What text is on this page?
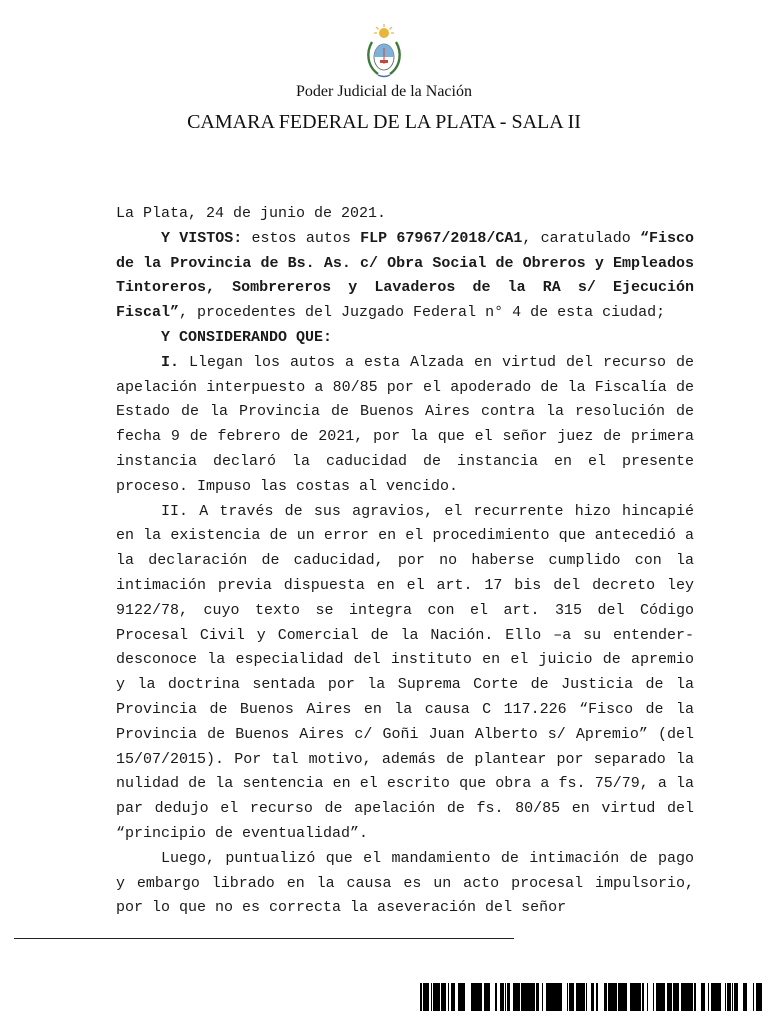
Poder Judicial de la Nación
CAMARA FEDERAL DE LA PLATA - SALA II

La Plata, 24 de junio de 2021.

Y VISTOS: estos autos FLP 67967/2018/CA1, caratulado “Fisco de la Provincia de Bs. As. c/ Obra Social de Obreros y Empleados Tintoreros, Sombrereros y Lavaderos de la RA s/ Ejecución Fiscal”, procedentes del Juzgado Federal n° 4 de esta ciudad;

Y CONSIDERANDO QUE:

I. Llegan los autos a esta Alzada en virtud del recurso de apelación interpuesto a 80/85 por el apoderado de la Fiscalía de Estado de la Provincia de Buenos Aires contra la resolución de fecha 9 de febrero de 2021, por la que el señor juez de primera instancia declaró la caducidad de instancia en el presente proceso. Impuso las costas al vencido.

II. A través de sus agravios, el recurrente hizo hincapié en la existencia de un error en el procedimiento que antecedió a la declaración de caducidad, por no haberse cumplido con la intimación previa dispuesta en el art. 17 bis del decreto ley 9122/78, cuyo texto se integra con el art. 315 del Código Procesal Civil y Comercial de la Nación. Ello –a su entender- desconoce la especialidad del instituto en el juicio de apremio y la doctrina sentada por la Suprema Corte de Justicia de la Provincia de Buenos Aires en la causa C 117.226 “Fisco de la Provincia de Buenos Aires c/ Goñi Juan Alberto s/ Apremio” (del 15/07/2015). Por tal motivo, además de plantear por separado la nulidad de la sentencia en el escrito que obra a fs. 75/79, a la par dedujo el recurso de apelación de fs. 80/85 en virtud del “principio de eventualidad”.

Luego, puntualizó que el mandamiento de intimación de pago y embargo librado en la causa es un acto procesal impulsorio, por lo que no es correcta la aseveración del señor
